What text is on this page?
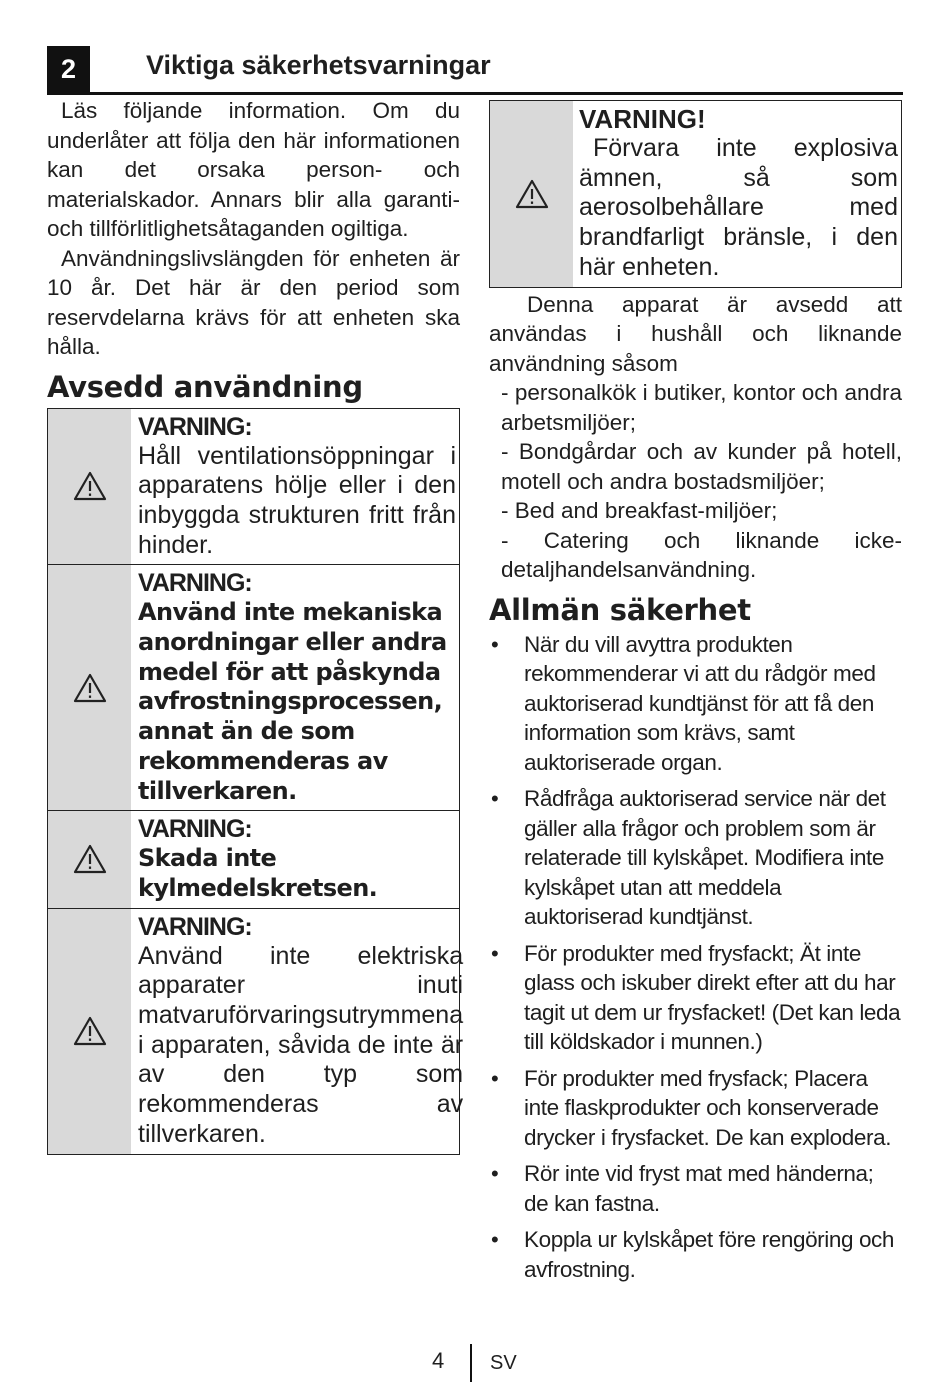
2	Viktiga säkerhetsvarningar

Läs följande information. Om du underlåter att följa den här informationen kan det orsaka person- och materialskador. Annars blir alla garanti- och tillförlitlighetsåtaganden ogiltiga.

Användningslivslängden för enheten är 10 år. Det här är den period som reservdelarna krävs för att enheten ska hålla.

Avsedd användning
VARNING:
Håll ventilationsöppningar i apparatens hölje eller i den inbyggda strukturen fritt från hinder.
VARNING:
Använd inte mekaniska anordningar eller andra medel för att påskynda avfrostningsprocessen, annat än de som rekommenderas av tillverkaren.
VARNING:
Skada inte kylmedelskretsen.
VARNING:
Använd inte elektriska apparater inuti matvaruförvaringsutrymmena i apparaten, såvida de inte är av den typ som rekommenderas av tillverkaren.
VARNING!
Förvara inte explosiva ämnen, så som aerosolbehållare med brandfarligt bränsle, i den här enheten.

Denna apparat är avsedd att användas i hushåll och liknande användning såsom

- personalkök i butiker, kontor och andra arbetsmiljöer;

- Bondgårdar och av kunder på hotell, motell och andra bostadsmiljöer;

- Bed and breakfast-miljöer;

- Catering och liknande icke-detaljhandelsanvändning.

Allmän säkerhet
• När du vill avyttra produkten rekommenderar vi att du rådgör med auktoriserad kundtjänst för att få den information som krävs, samt auktoriserade organ.
• Rådfråga auktoriserad service när det gäller alla frågor och problem som är relaterade till kylskåpet. Modifiera inte kylskåpet utan att meddela auktoriserad kundtjänst.
• För produkter med frysfackt; Ät inte glass och iskuber direkt efter att du har tagit ut dem ur frysfacket! (Det kan leda till köldskador i munnen.)
• För produkter med frysfack; Placera inte flaskprodukter och konserverade drycker i frysfacket. De kan explodera.
• Rör inte vid fryst mat med händerna; de kan fastna.
• Koppla ur kylskåpet före rengöring och avfrostning.
4 SV
